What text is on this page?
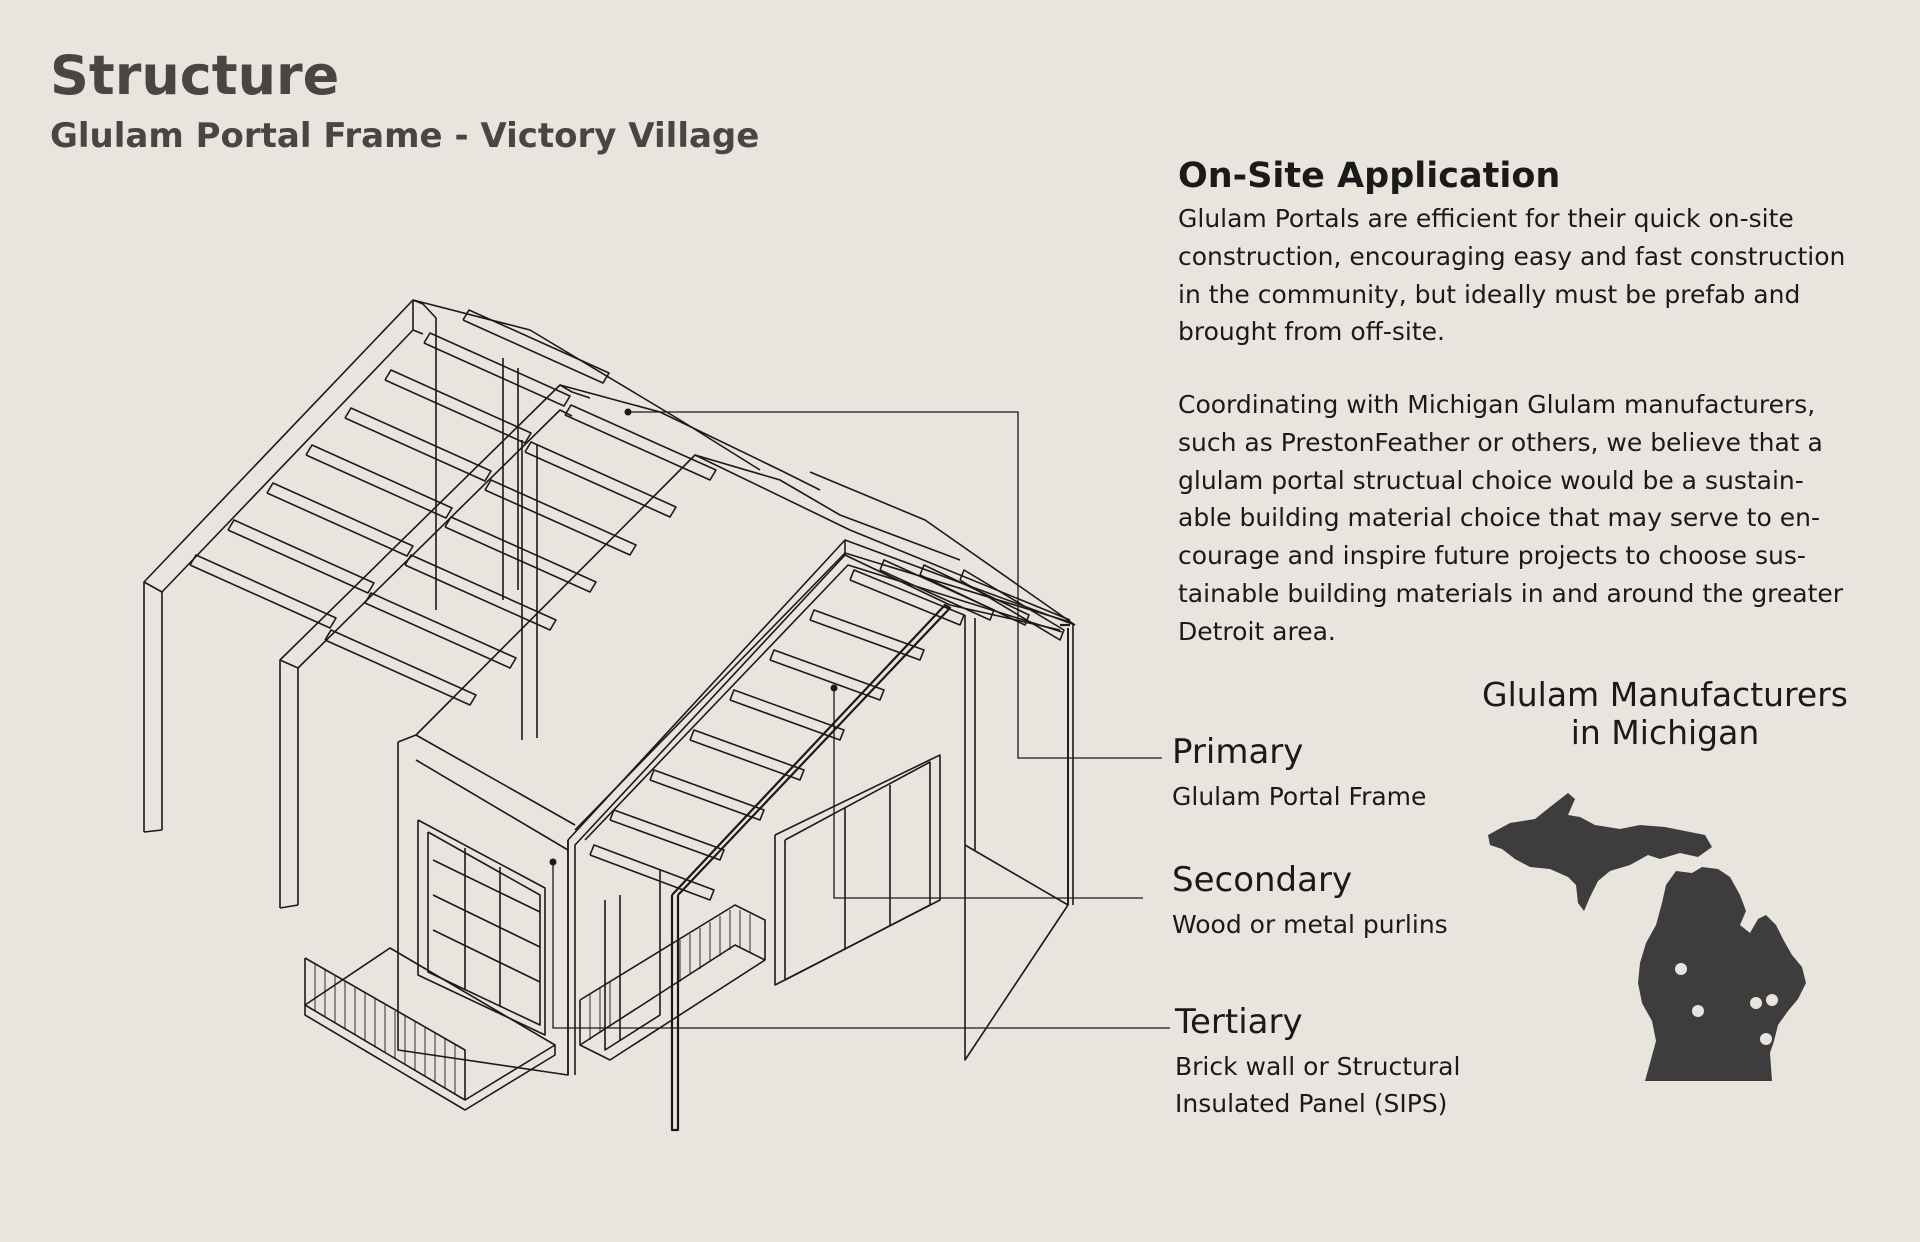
Structure
Glulam Portal Frame - Victory Village
On-Site Application
Glulam Portals are efficient for their quick on-site
construction, encouraging easy and fast construction
in the community, but ideally must be prefab and
brought from off-site.
Coordinating with Michigan Glulam manufacturers,
such as PrestonFeather or others, we believe that a
glulam portal structual choice would be a sustain-
able building material choice that may serve to en-
courage and inspire future projects to choose sus-
tainable building materials in and around the greater
Detroit area.
Primary
Glulam Portal Frame
Secondary
Wood or metal purlins
Tertiary
Brick wall or Structural
Insulated Panel (SIPS)
Glulam Manufacturers
in Michigan
